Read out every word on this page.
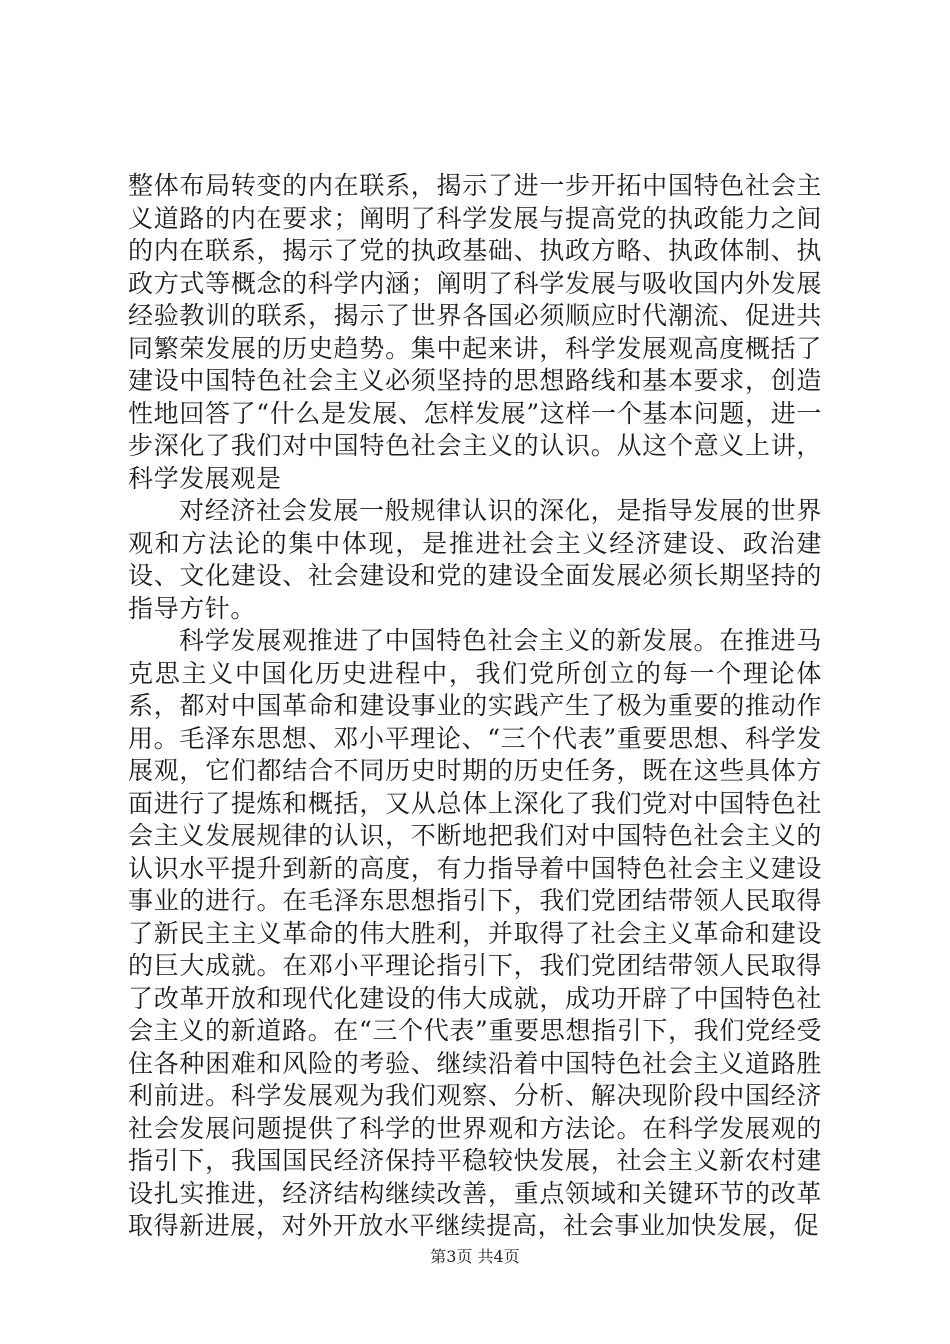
整体布局转变的内在联系，揭示了进一步开拓中国特色社会主义道路的内在要求；阐明了科学发展与提高党的执政能力之间的内在联系，揭示了党的执政基础、执政方略、执政体制、执政方式等概念的科学内涵；阐明了科学发展与吸收国内外发展经验教训的联系，揭示了世界各国必须顺应时代潮流、促进共同繁荣发展的历史趋势。集中起来讲，科学发展观高度概括了建设中国特色社会主义必须坚持的思想路线和基本要求，创造性地回答了“什么是发展、怎样发展”这样一个基本问题，进一步深化了我们对中国特色社会主义的认识。从这个意义上讲，科学发展观是

对经济社会发展一般规律认识的深化，是指导发展的世界观和方法论的集中体现，是推进社会主义经济建设、政治建设、文化建设、社会建设和党的建设全面发展必须长期坚持的指导方针。

科学发展观推进了中国特色社会主义的新发展。在推进马克思主义中国化历史进程中，我们党所创立的每一个理论体系，都对中国革命和建设事业的实践产生了极为重要的推动作用。毛泽东思想、邓小平理论、“三个代表”重要思想、科学发展观，它们都结合不同历史时期的历史任务，既在这些具体方面进行了提炼和概括，又从总体上深化了我们党对中国特色社会主义发展规律的认识，不断地把我们对中国特色社会主义的认识水平提升到新的高度，有力指导着中国特色社会主义建设事业的进行。在毛泽东思想指引下，我们党团结带领人民取得了新民主主义革命的伟大胜利，并取得了社会主义革命和建设的巨大成就。在邓小平理论指引下，我们党团结带领人民取得了改革开放和现代化建设的伟大成就，成功开辟了中国特色社会主义的新道路。在“三个代表”重要思想指引下，我们党经受住各种困难和风险的考验、继续沿着中国特色社会主义道路胜利前进。科学发展观为我们观察、分析、解决现阶段中国经济社会发展问题提供了科学的世界观和方法论。在科学发展观的指引下，我国国民经济保持平稳较快发展，社会主义新农村建设扎实推进，经济结构继续改善，重点领域和关键环节的改革取得新进展，对外开放水平继续提高，社会事业加快发展，促

第3页 共4页
